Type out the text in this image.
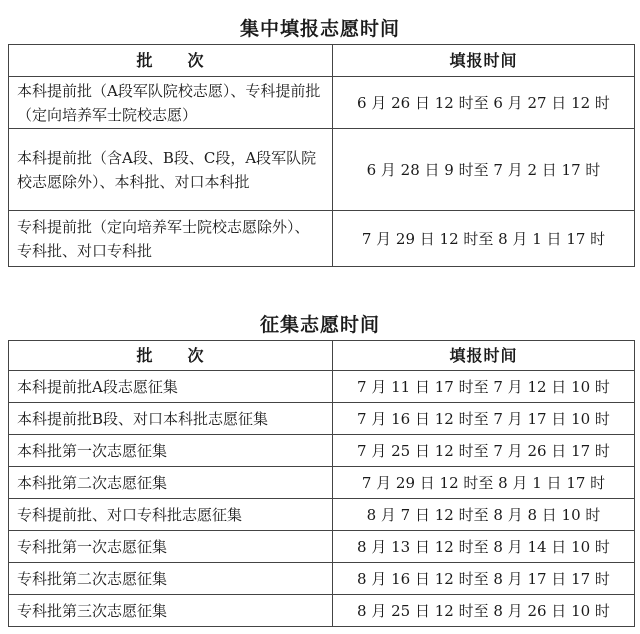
集中填报志愿时间
批　　次	填报时间
本科提前批（A段军队院校志愿）、专科提前批（定向培养军士院校志愿）	6 月 26 日 12 时至 6 月 27 日 12 时
本科提前批（含A段、B段、C段，A段军队院校志愿除外）、本科批、对口本科批	6 月 28 日 9 时至 7 月 2 日 17 时
专科提前批（定向培养军士院校志愿除外）、专科批、对口专科批	7 月 29 日 12 时至 8 月 1 日 17 时
征集志愿时间
批　　次	填报时间
本科提前批A段志愿征集	7 月 11 日 17 时至 7 月 12 日 10 时
本科提前批B段、对口本科批志愿征集	7 月 16 日 12 时至 7 月 17 日 10 时
本科批第一次志愿征集	7 月 25 日 12 时至 7 月 26 日 17 时
本科批第二次志愿征集	7 月 29 日 12 时至 8 月 1 日 17 时
专科提前批、对口专科批志愿征集	8 月 7 日 12 时至 8 月 8 日 10 时
专科批第一次志愿征集	8 月 13 日 12 时至 8 月 14 日 10 时
专科批第二次志愿征集	8 月 16 日 12 时至 8 月 17 日 17 时
专科批第三次志愿征集	8 月 25 日 12 时至 8 月 26 日 10 时
